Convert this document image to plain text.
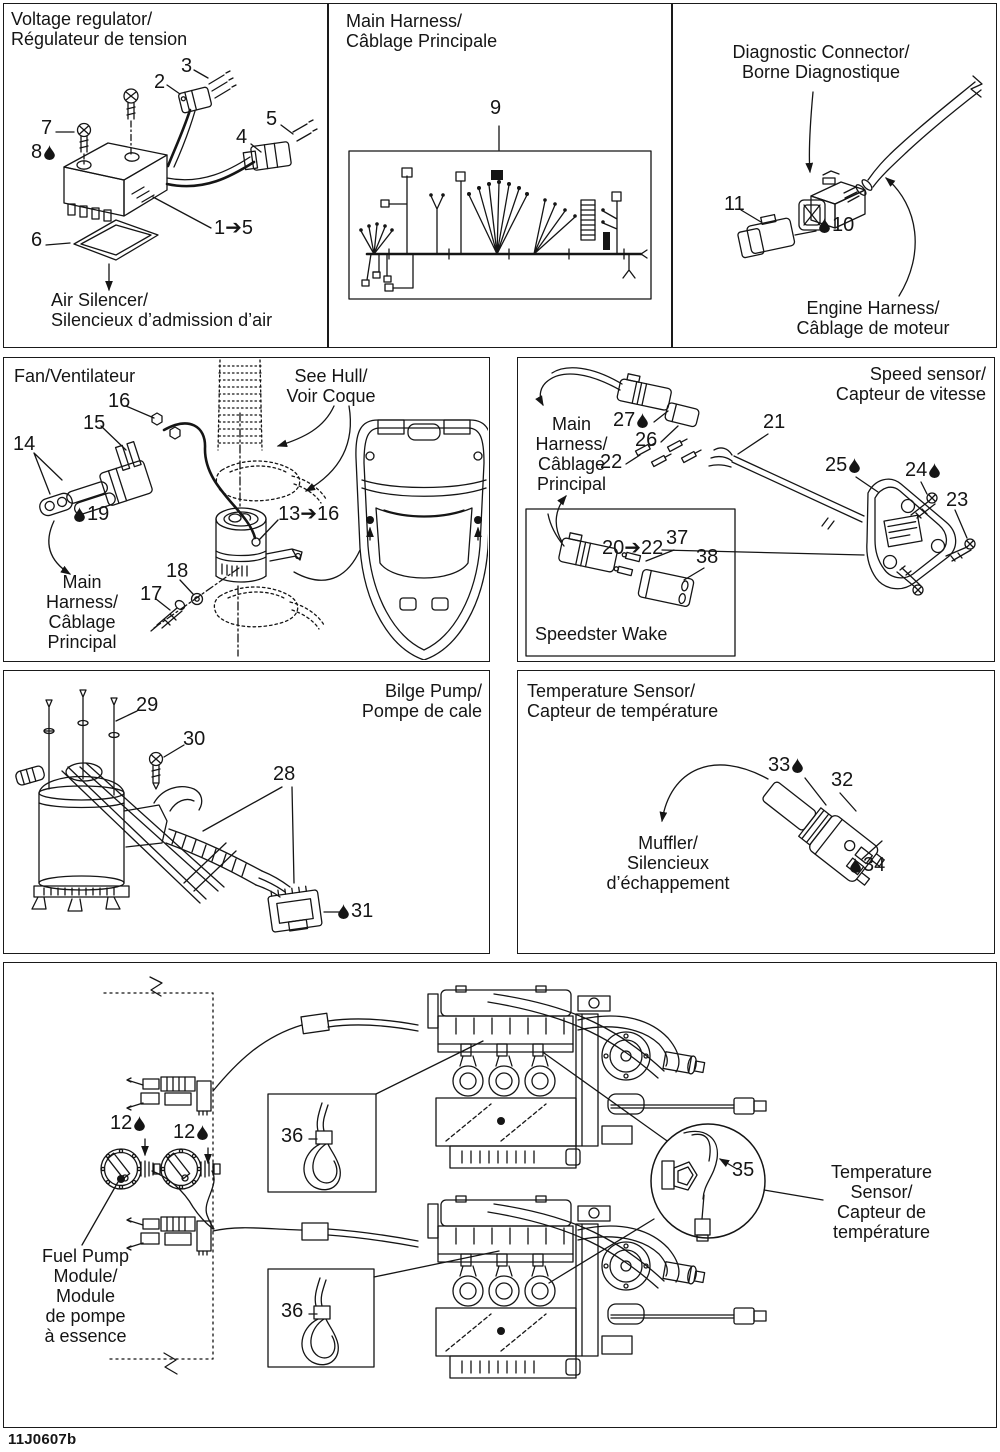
Voltage regulator/
Régulateur de tension
3
2
7
8
5
4
6
1➔5
Air Silencer/
Silencieux d’admission d’air
Main Harness/
Câblage Principale
9
Diagnostic Connector/
Borne Diagnostique
11
10
Engine Harness/
Câblage de moteur
Fan/Ventilateur	See Hull/
Voir Coque
16
15
14
19	13➔16
18
17
Main
Harness/
Câblage
Principal
Speed sensor/
Capteur de vitesse
Main
Harness/
Câblage
Principal
27
26
22
21
25	24
23
20➔22 37
38
Speedster Wake
Bilge Pump/
Pompe de cale
29
30
28
31
Temperature Sensor/
Capteur de température
33
32
34
Muffler/
Silencieux
d’échappement
12 12	36
36
35
Fuel Pump
Module/
Module
de pompe
à essence
Temperature
Sensor/
Capteur de
température
11J0607b
